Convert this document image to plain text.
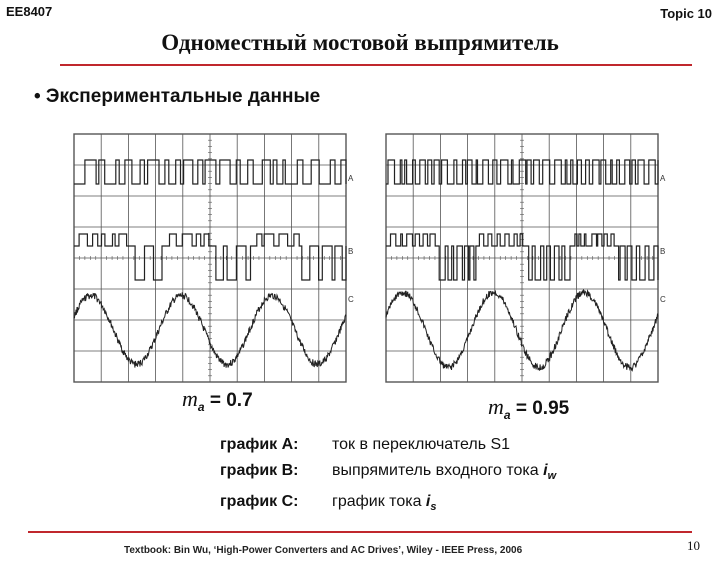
EE8407	Topic 10
Одноместный мостовой выпрямитель
• Экспериментальные данные
A
B
C
A
B
C
$m_a = 0.7$	$m_a = 0.95$
график A: ток в переключатель S1
график B: выпрямитель входного тока $i_w$
график C: график тока $i_s$
Textbook: Bin Wu, ‘High-Power Converters and AC Drives’, Wiley - IEEE Press, 2006	10
